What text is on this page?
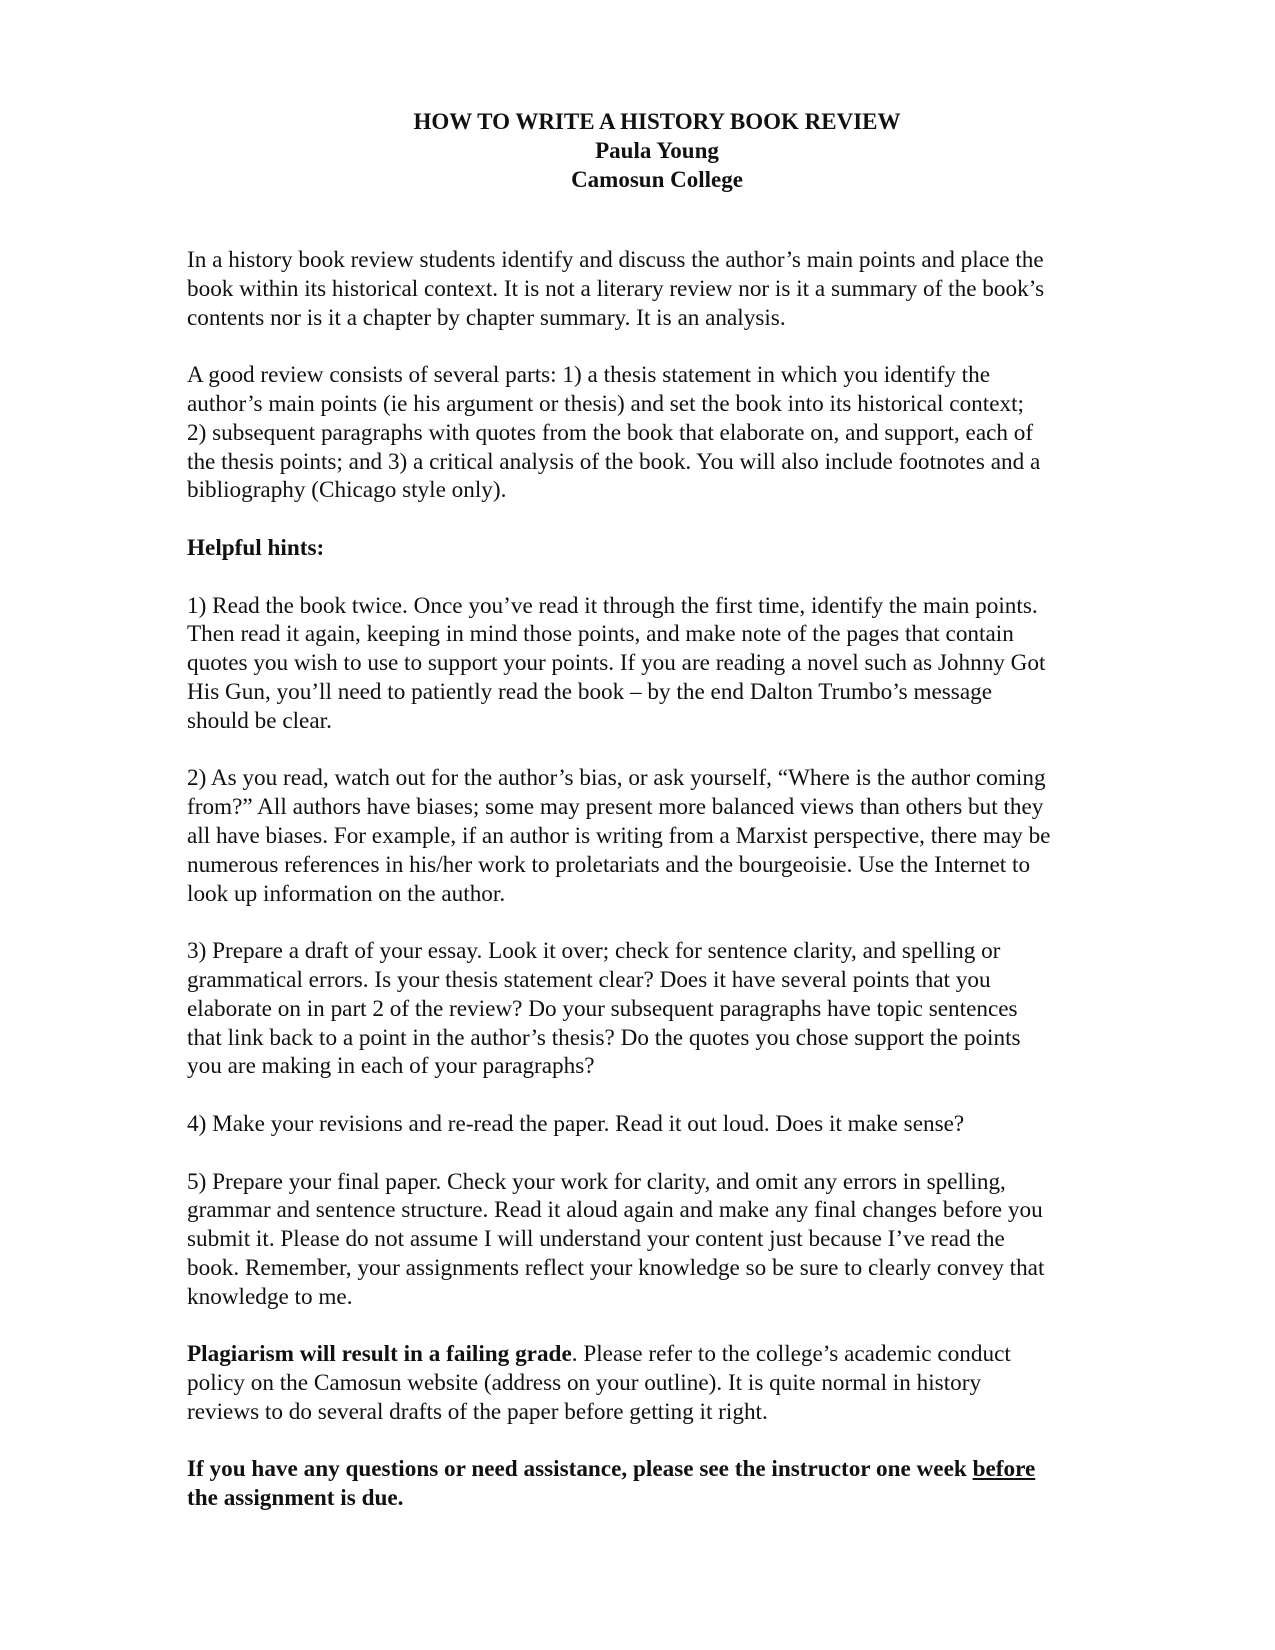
HOW TO WRITE A HISTORY BOOK REVIEW
Paula Young
Camosun College
In a history book review students identify and discuss the author’s main points and place the
book within its historical context. It is not a literary review nor is it a summary of the book’s
contents nor is it a chapter by chapter summary. It is an analysis.
A good review consists of several parts: 1) a thesis statement in which you identify the
author’s main points (ie his argument or thesis) and set the book into its historical context;
2) subsequent paragraphs with quotes from the book that elaborate on, and support, each of
the thesis points; and 3) a critical analysis of the book. You will also include footnotes and a
bibliography (Chicago style only).
Helpful hints:
1) Read the book twice. Once you’ve read it through the first time, identify the main points.
Then read it again, keeping in mind those points, and make note of the pages that contain
quotes you wish to use to support your points. If you are reading a novel such as Johnny Got
His Gun, you’ll need to patiently read the book – by the end Dalton Trumbo’s message
should be clear.
2) As you read, watch out for the author’s bias, or ask yourself, “Where is the author coming
from?” All authors have biases; some may present more balanced views than others but they
all have biases. For example, if an author is writing from a Marxist perspective, there may be
numerous references in his/her work to proletariats and the bourgeoisie. Use the Internet to
look up information on the author.
3) Prepare a draft of your essay. Look it over; check for sentence clarity, and spelling or
grammatical errors. Is your thesis statement clear? Does it have several points that you
elaborate on in part 2 of the review? Do your subsequent paragraphs have topic sentences
that link back to a point in the author’s thesis? Do the quotes you chose support the points
you are making in each of your paragraphs?
4) Make your revisions and re-read the paper. Read it out loud. Does it make sense?
5) Prepare your final paper. Check your work for clarity, and omit any errors in spelling,
grammar and sentence structure. Read it aloud again and make any final changes before you
submit it. Please do not assume I will understand your content just because I’ve read the
book. Remember, your assignments reflect your knowledge so be sure to clearly convey that
knowledge to me.
Plagiarism will result in a failing grade. Please refer to the college’s academic conduct
policy on the Camosun website (address on your outline). It is quite normal in history
reviews to do several drafts of the paper before getting it right.
If you have any questions or need assistance, please see the instructor one week before
the assignment is due.
